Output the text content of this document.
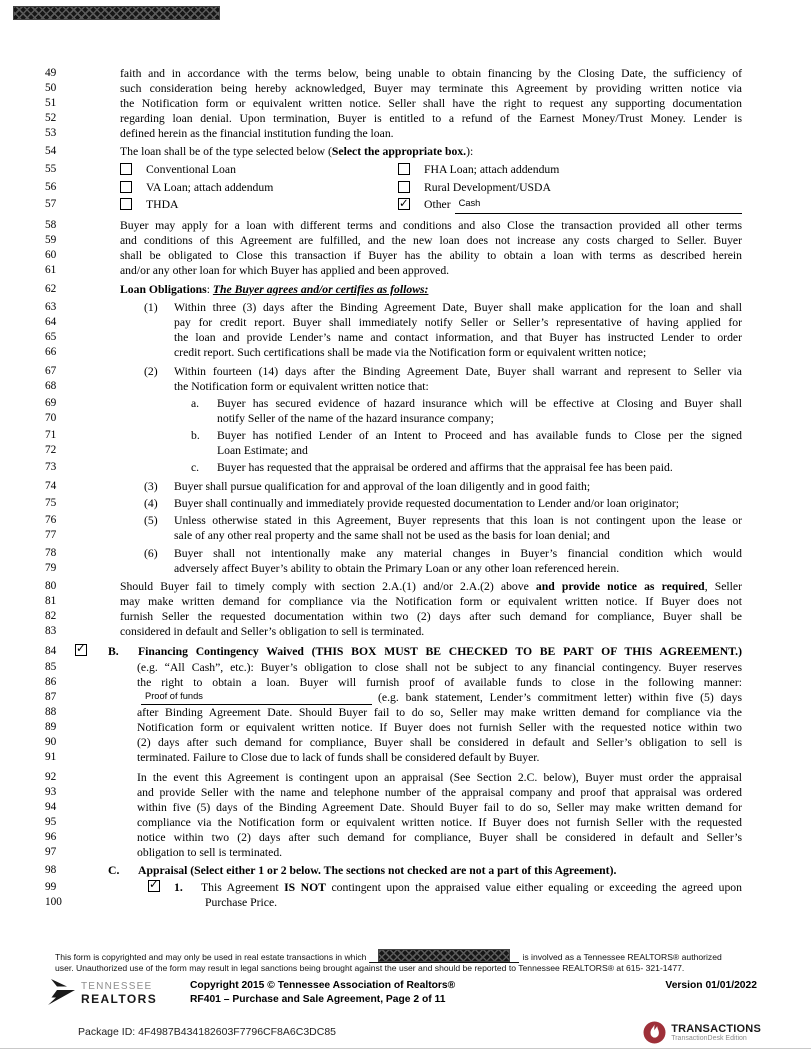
49	faith and in accordance with the terms below, being unable to obtain financing by the Closing Date, the sufficiency of
50	such consideration being hereby acknowledged, Buyer may terminate this Agreement by providing written notice via
51	the Notification form or equivalent written notice. Seller shall have the right to request any supporting documentation
52	regarding loan denial. Upon termination, Buyer is entitled to a refund of the Earnest Money/Trust Money. Lender is
53	defined herein as the financial institution funding the loan.
54	The loan shall be of the type selected below (Select the appropriate box.):
55	Conventional Loan	FHA Loan; attach addendum
56	VA Loan; attach addendum	Rural Development/USDA
57	THDA ✓	Other Cash
58	Buyer may apply for a loan with different terms and conditions and also Close the transaction provided all other terms
59	and conditions of this Agreement are fulfilled, and the new loan does not increase any costs charged to Seller. Buyer
60	shall be obligated to Close this transaction if Buyer has the ability to obtain a loan with terms as described herein
61	and/or any other loan for which Buyer has applied and been approved.
62	Loan Obligations: The Buyer agrees and/or certifies as follows:
63	(1) Within three (3) days after the Binding Agreement Date, Buyer shall make application for the loan and shall
64	pay for credit report. Buyer shall immediately notify Seller or Seller’s representative of having applied for
65	the loan and provide Lender’s name and contact information, and that Buyer has instructed Lender to order
66	credit report. Such certifications shall be made via the Notification form or equivalent written notice;
67	(2) Within fourteen (14) days after the Binding Agreement Date, Buyer shall warrant and represent to Seller via
68	the Notification form or equivalent written notice that:
69	a. Buyer has secured evidence of hazard insurance which will be effective at Closing and Buyer shall
70	notify Seller of the name of the hazard insurance company;
71	b. Buyer has notified Lender of an Intent to Proceed and has available funds to Close per the signed
72	Loan Estimate; and
73	c. Buyer has requested that the appraisal be ordered and affirms that the appraisal fee has been paid.
74	(3) Buyer shall pursue qualification for and approval of the loan diligently and in good faith;
75	(4) Buyer shall continually and immediately provide requested documentation to Lender and/or loan originator;
76	(5) Unless otherwise stated in this Agreement, Buyer represents that this loan is not contingent upon the lease or
77	sale of any other real property and the same shall not be used as the basis for loan denial; and
78	(6) Buyer shall not intentionally make any material changes in Buyer’s financial condition which would
79	adversely affect Buyer’s ability to obtain the Primary Loan or any other loan referenced herein.
80	Should Buyer fail to timely comply with section 2.A.(1) and/or 2.A.(2) above and provide notice as required, Seller
81	may make written demand for compliance via the Notification form or equivalent written notice. If Buyer does not
82	furnish Seller the requested documentation within two (2) days after such demand for compliance, Buyer shall be
83	considered in default and Seller’s obligation to sell is terminated.
84 ✓	B.	Financing Contingency Waived (THIS BOX MUST BE CHECKED TO BE PART OF THIS AGREEMENT.)
85	(e.g. “All Cash”, etc.): Buyer’s obligation to close shall not be subject to any financial contingency. Buyer reserves
86	the right to obtain a loan. Buyer will furnish proof of available funds to close in the following manner:
87	Proof of funds	(e.g. bank statement, Lender’s commitment letter) within five (5) days
88	after Binding Agreement Date. Should Buyer fail to do so, Seller may make written demand for compliance via the
89	Notification form or equivalent written notice. If Buyer does not furnish Seller with the requested notice within two
90	(2) days after such demand for compliance, Buyer shall be considered in default and Seller’s obligation to sell is
91	terminated. Failure to Close due to lack of funds shall be considered default by Buyer.
92	In the event this Agreement is contingent upon an appraisal (See Section 2.C. below), Buyer must order the appraisal
93	and provide Seller with the name and telephone number of the appraisal company and proof that appraisal was ordered
94	within five (5) days of the Binding Agreement Date. Should Buyer fail to do so, Seller may make written demand for
95	compliance via the Notification form or equivalent written notice. If Buyer does not furnish Seller with the requested
96	notice within two (2) days after such demand for compliance, Buyer shall be considered in default and Seller’s
97	obligation to sell is terminated.
98	C.	Appraisal (Select either 1 or 2 below. The sections not checked are not a part of this Agreement).
99 ✓	1.	This Agreement IS NOT contingent upon the appraised value either equaling or exceeding the agreed upon
100	Purchase Price.
This form is copyrighted and may only be used in real estate transactions in which	is involved as a Tennessee REALTORS® authorized
user. Unauthorized use of the form may result in legal sanctions being brought against the user and should be reported to Tennessee REALTORS® at 615- 321-1477.
TENNESSEE
REALTORS
Copyright 2015 © Tennessee Association of Realtors®
RF401 – Purchase and Sale Agreement, Page 2 of 11
Version 01/01/2022
Package ID: 4F4987B434182603F7796CF8A6C3DC85	TRANSACTIONS
TransactionDesk Edition
